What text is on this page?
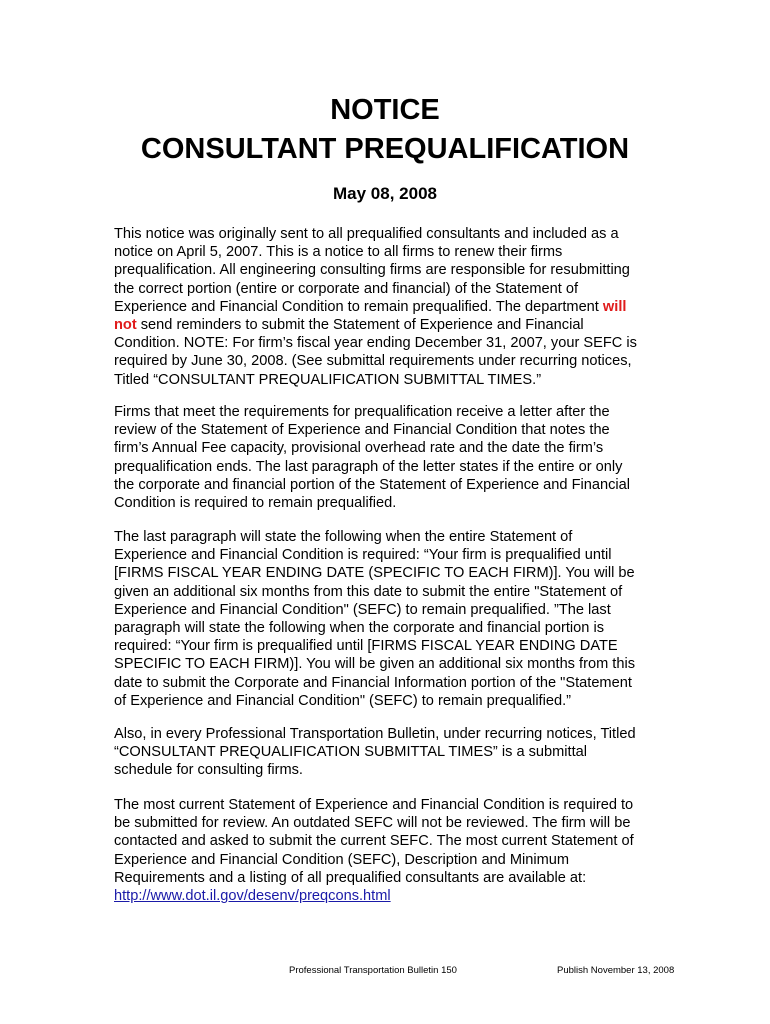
NOTICE
CONSULTANT PREQUALIFICATION
May 08, 2008
This notice was originally sent to all prequalified consultants and included as a
notice on April 5, 2007. This is a notice to all firms to renew their firms
prequalification. All engineering consulting firms are responsible for resubmitting
the correct portion (entire or corporate and financial) of the Statement of
Experience and Financial Condition to remain prequalified. The department will
not send reminders to submit the Statement of Experience and Financial
Condition. NOTE: For firm’s fiscal year ending December 31, 2007, your SEFC is
required by June 30, 2008. (See submittal requirements under recurring notices,
Titled “CONSULTANT PREQUALIFICATION SUBMITTAL TIMES.”
Firms that meet the requirements for prequalification receive a letter after the
review of the Statement of Experience and Financial Condition that notes the
firm’s Annual Fee capacity, provisional overhead rate and the date the firm’s
prequalification ends. The last paragraph of the letter states if the entire or only
the corporate and financial portion of the Statement of Experience and Financial
Condition is required to remain prequalified.
The last paragraph will state the following when the entire Statement of
Experience and Financial Condition is required: “Your firm is prequalified until
[FIRMS FISCAL YEAR ENDING DATE (SPECIFIC TO EACH FIRM)]. You will be
given an additional six months from this date to submit the entire "Statement of
Experience and Financial Condition" (SEFC) to remain prequalified. ”The last
paragraph will state the following when the corporate and financial portion is
required: “Your firm is prequalified until [FIRMS FISCAL YEAR ENDING DATE
SPECIFIC TO EACH FIRM)]. You will be given an additional six months from this
date to submit the Corporate and Financial Information portion of the "Statement
of Experience and Financial Condition" (SEFC) to remain prequalified.”
Also, in every Professional Transportation Bulletin, under recurring notices, Titled
“CONSULTANT PREQUALIFICATION SUBMITTAL TIMES” is a submittal
schedule for consulting firms.
The most current Statement of Experience and Financial Condition is required to
be submitted for review. An outdated SEFC will not be reviewed. The firm will be
contacted and asked to submit the current SEFC. The most current Statement of
Experience and Financial Condition (SEFC), Description and Minimum
Requirements and a listing of all prequalified consultants are available at:
http://www.dot.il.gov/desenv/preqcons.html
Professional Transportation Bulletin 150	Publish November 13, 2008
